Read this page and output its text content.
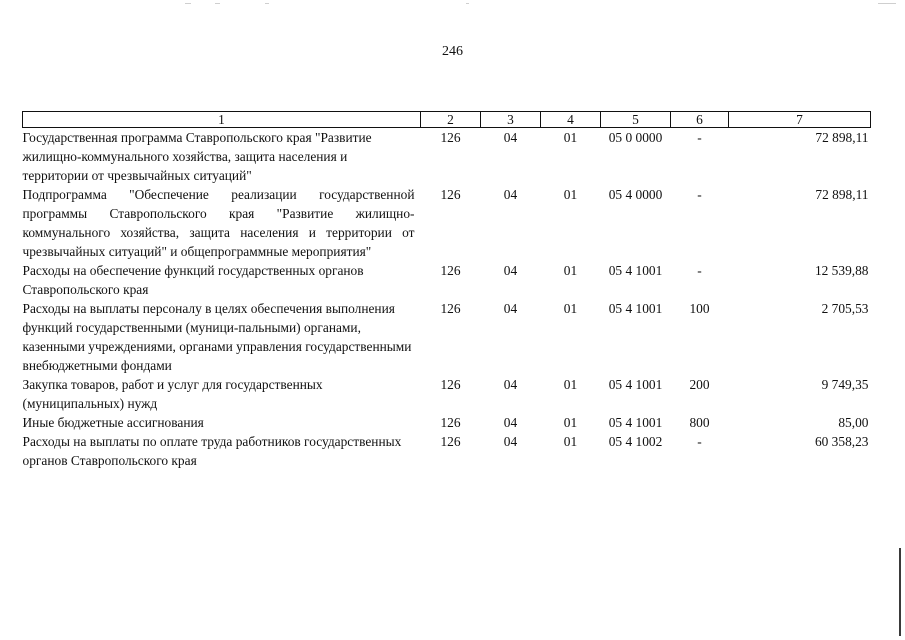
246
1	2	3	4	5	6	7
Государственная программа Ставропольского края "Развитие жилищно-коммунального хозяйства, защита населения и территории от чрезвычайных ситуаций"	126	04	01	05 0 0000	-	72 898,11
Подпрограмма "Обеспечение реализации государственной программы Ставропольского края "Развитие жилищно-коммунального хозяйства, защита населения и территории от чрезвычайных ситуаций" и общепрограммные мероприятия"	126	04	01	05 4 0000	-	72 898,11
Расходы на обеспечение функций государственных органов Ставропольского края	126	04	01	05 4 1001	-	12 539,88
Расходы на выплаты персоналу в целях обеспечения выполнения функций государственными (муници-пальными) органами, казенными учреждениями, органами управления государственными внебюджетными фондами	126	04	01	05 4 1001	100	2 705,53
Закупка товаров, работ и услуг для государственных (муниципальных) нужд	126	04	01	05 4 1001	200	9 749,35
Иные бюджетные ассигнования	126	04	01	05 4 1001	800	85,00
Расходы на выплаты по оплате труда работников государственных органов Ставропольского края	126	04	01	05 4 1002	-	60 358,23
